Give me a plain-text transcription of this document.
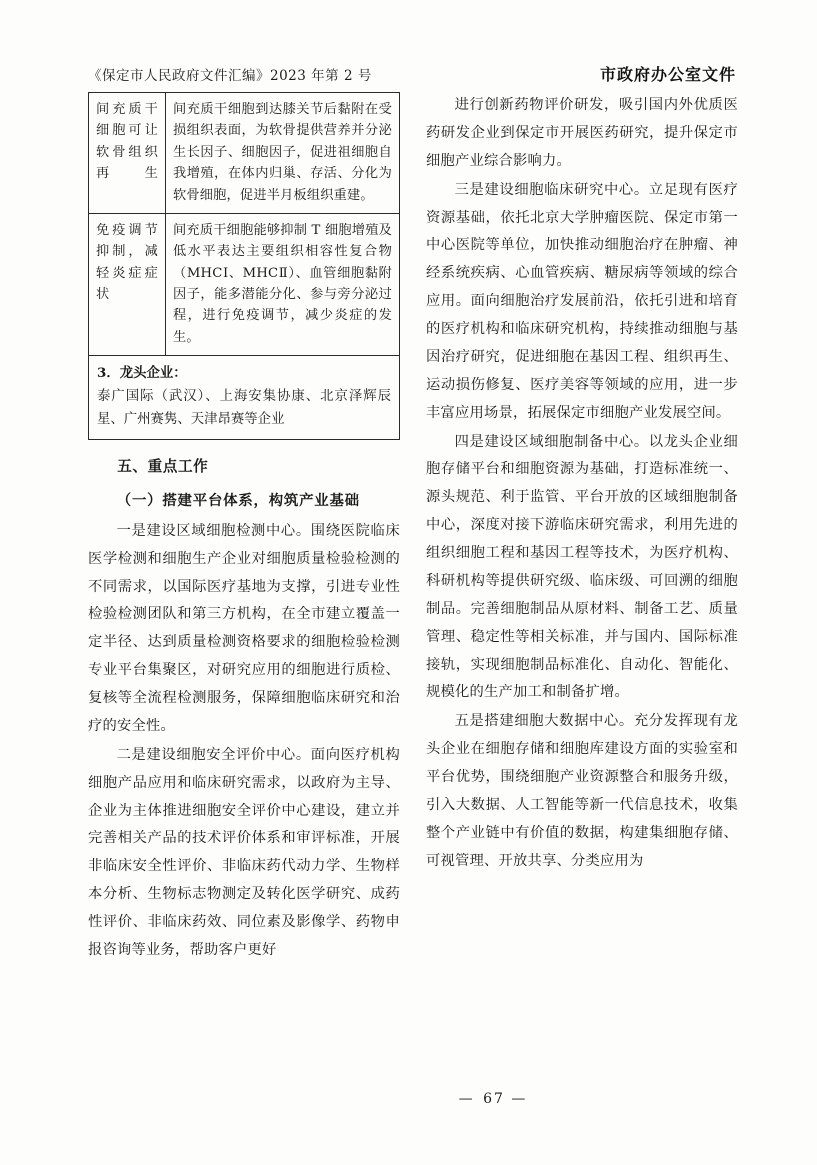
《保定市人民政府文件汇编》2023 年第 2 号	市政府办公室文件
间充质干细胞可让软骨组织再生	间充质干细胞到达膝关节后黏附在受损组织表面，为软骨提供营养并分泌生长因子、细胞因子，促进祖细胞自我增殖，在体内归巢、存活、分化为软骨细胞，促进半月板组织重建。
免疫调节抑制，减轻炎症症状	间充质干细胞能够抑制 T 细胞增殖及低水平表达主要组织相容性复合物（MHCⅠ、MHCⅡ）、血管细胞黏附因子，能多潜能分化、参与旁分泌过程，进行免疫调节，减少炎症的发生。
3．龙头企业：
泰广国际（武汉）、上海安集协康、北京泽辉辰星、广州赛隽、天津昂赛等企业

五、重点工作

（一）搭建平台体系，构筑产业基础

一是建设区域细胞检测中心。围绕医院临床医学检测和细胞生产企业对细胞质量检验检测的不同需求，以国际医疗基地为支撑，引进专业性检验检测团队和第三方机构，在全市建立覆盖一定半径、达到质量检测资格要求的细胞检验检测专业平台集聚区，对研究应用的细胞进行质检、复核等全流程检测服务，保障细胞临床研究和治疗的安全性。

二是建设细胞安全评价中心。面向医疗机构细胞产品应用和临床研究需求，以政府为主导、企业为主体推进细胞安全评价中心建设，建立并完善相关产品的技术评价体系和审评标准，开展非临床安全性评价、非临床药代动力学、生物样本分析、生物标志物测定及转化医学研究、成药性评价、非临床药效、同位素及影像学、药物申报咨询等业务，帮助客户更好

进行创新药物评价研发，吸引国内外优质医药研发企业到保定市开展医药研究，提升保定市细胞产业综合影响力。

三是建设细胞临床研究中心。立足现有医疗资源基础，依托北京大学肿瘤医院、保定市第一中心医院等单位，加快推动细胞治疗在肿瘤、神经系统疾病、心血管疾病、糖尿病等领域的综合应用。面向细胞治疗发展前沿，依托引进和培育的医疗机构和临床研究机构，持续推动细胞与基因治疗研究，促进细胞在基因工程、组织再生、运动损伤修复、医疗美容等领域的应用，进一步丰富应用场景，拓展保定市细胞产业发展空间。

四是建设区域细胞制备中心。以龙头企业细胞存储平台和细胞资源为基础，打造标准统一、源头规范、利于监管、平台开放的区域细胞制备中心，深度对接下游临床研究需求，利用先进的组织细胞工程和基因工程等技术，为医疗机构、科研机构等提供研究级、临床级、可回溯的细胞制品。完善细胞制品从原材料、制备工艺、质量管理、稳定性等相关标准，并与国内、国际标准接轨，实现细胞制品标准化、自动化、智能化、规模化的生产加工和制备扩增。

五是搭建细胞大数据中心。充分发挥现有龙头企业在细胞存储和细胞库建设方面的实验室和平台优势，围绕细胞产业资源整合和服务升级，引入大数据、人工智能等新一代信息技术，收集整个产业链中有价值的数据，构建集细胞存储、可视管理、开放共享、分类应用为

— 67 —
